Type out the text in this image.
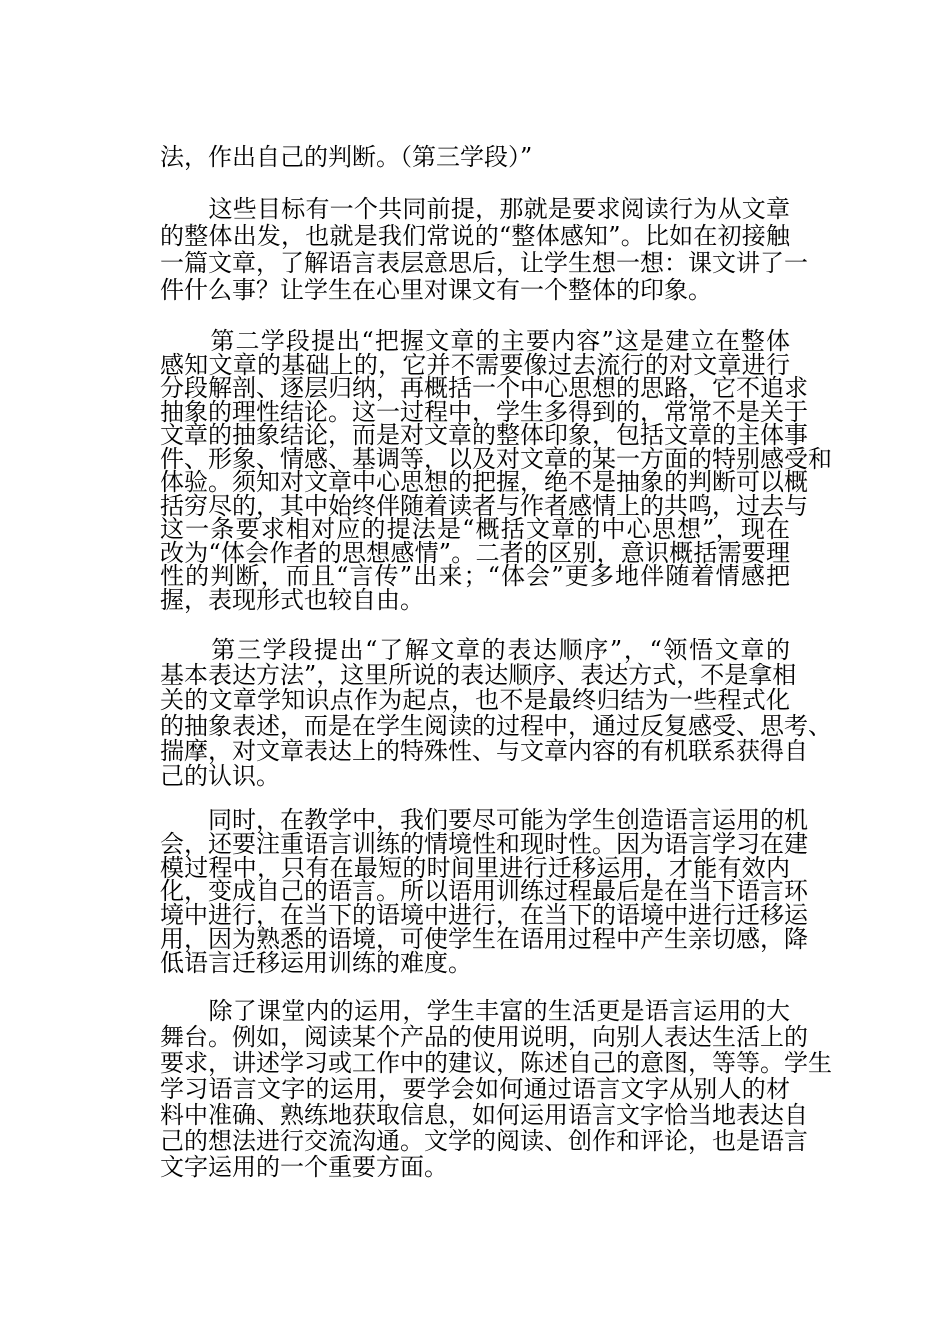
法，作出自己的判断。（第三学段）”
　　这些目标有一个共同前提，那就是要求阅读行为从文章
的整体出发，也就是我们常说的“整体感知”。比如在初接触
一篇文章，了解语言表层意思后，让学生想一想：课文讲了一
件什么事？让学生在心里对课文有一个整体的印象。
　　第二学段提出“把握文章的主要内容”这是建立在整体
感知文章的基础上的，它并不需要像过去流行的对文章进行
分段解剖、逐层归纳，再概括一个中心思想的思路，它不追求
抽象的理性结论。这一过程中，学生多得到的，常常不是关于
文章的抽象结论，而是对文章的整体印象，包括文章的主体事
件、形象、情感、基调等，以及对文章的某一方面的特别感受和
体验。须知对文章中心思想的把握，绝不是抽象的判断可以概
括穷尽的，其中始终伴随着读者与作者感情上的共鸣，过去与
这一条要求相对应的提法是“概括文章的中心思想”，现在
改为“体会作者的思想感情”。二者的区别，意识概括需要理
性的判断，而且“言传”出来；“体会”更多地伴随着情感把
握，表现形式也较自由。
　　第三学段提出“了解文章的表达顺序”，“领悟文章的
基本表达方法”，这里所说的表达顺序、表达方式，不是拿相
关的文章学知识点作为起点，也不是最终归结为一些程式化
的抽象表述，而是在学生阅读的过程中，通过反复感受、思考、
揣摩，对文章表达上的特殊性、与文章内容的有机联系获得自
己的认识。
　　同时，在教学中，我们要尽可能为学生创造语言运用的机
会，还要注重语言训练的情境性和现时性。因为语言学习在建
模过程中，只有在最短的时间里进行迁移运用，才能有效内
化，变成自己的语言。所以语用训练过程最后是在当下语言环
境中进行，在当下的语境中进行，在当下的语境中进行迁移运
用，因为熟悉的语境，可使学生在语用过程中产生亲切感，降
低语言迁移运用训练的难度。
　　除了课堂内的运用，学生丰富的生活更是语言运用的大
舞台。例如，阅读某个产品的使用说明，向别人表达生活上的
要求，讲述学习或工作中的建议，陈述自己的意图，等等。学生
学习语言文字的运用，要学会如何通过语言文字从别人的材
料中准确、熟练地获取信息，如何运用语言文字恰当地表达自
己的想法进行交流沟通。文学的阅读、创作和评论，也是语言
文字运用的一个重要方面。
